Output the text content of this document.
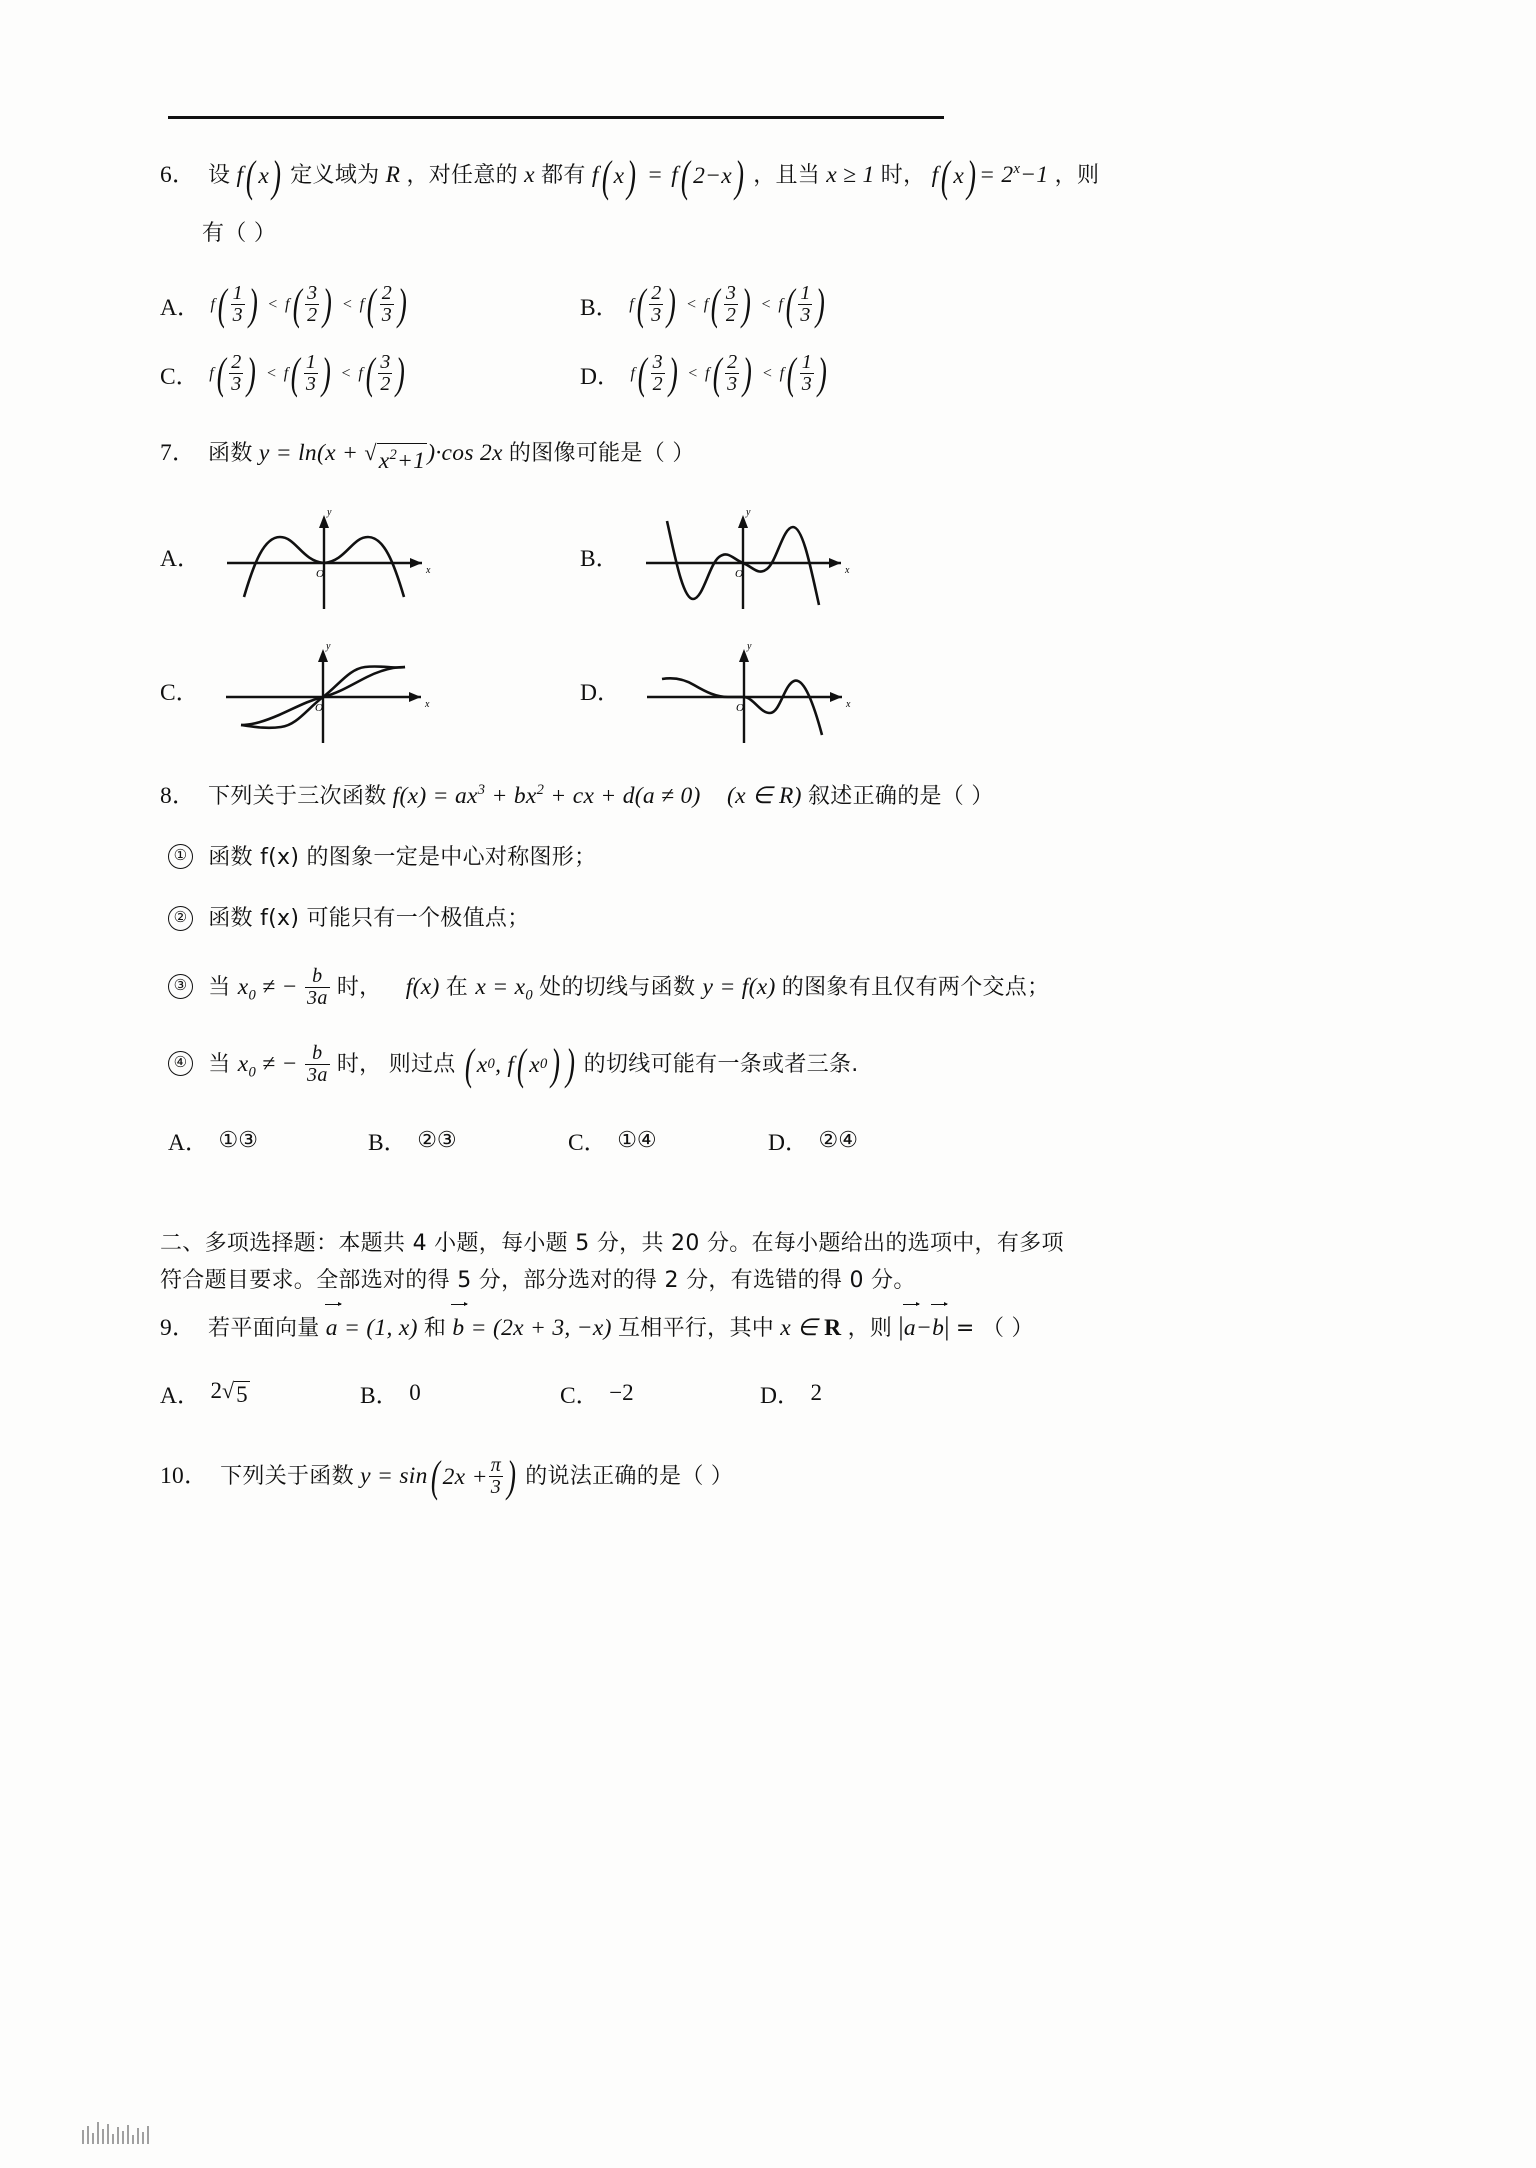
6． 设 f ( x ) 定义域为 R ，对任意的 x 都有 f ( x ) = f ( 2−x ) ，且当 x ≥ 1 时， f ( x ) = $2^x-1$ ，则
有（ ）
A． f ( $\frac{1}{3}$ ) < f ( $\frac{3}{2}$ ) < f ( $\frac{2}{3}$ )	B． f ( $\frac{2}{3}$ ) < f ( $\frac{3}{2}$ ) < f ( $\frac{1}{3}$ )
C． f ( $\frac{2}{3}$ ) < f ( $\frac{1}{3}$ ) < f ( $\frac{3}{2}$ )	D． f ( $\frac{3}{2}$ ) < f ( $\frac{2}{3}$ ) < f ( $\frac{1}{3}$ )
7． 函数 y = ln(x + √ $x^2+1$ )·cos 2x 的图像可能是（ ）
A．
O
y
x	B．
O
y
x
C．
O
y
x	D．
O
y
x
8． 下列关于三次函数 $f(x) = ax^3 + bx^2$ + cx + d(a ≠ 0) (x ∈ R) 叙述正确的是（ ）
① 函数 f(x) 的图象一定是中心对称图形；
② 函数 f(x) 可能只有一个极值点；
③ 当 $x_0$ ≠ − $\frac{b}{3a}$ 时， f(x) 在 $x = x_0$ 处的切线与函数 y = f(x) 的图象有且仅有两个交点；
④ 当 $x_0$ ≠ − $\frac{b}{3a}$ 时， 则过点 ( x 0 , f ( x 0 ) ) 的切线可能有一条或者三条.
A． ①③	B． ②③	C． ①④	D． ②④
二、多项选择题：本题共 4 小题，每小题 5 分，共 20 分。在每小题给出的选项中，有多项
符合题目要求。全部选对的得 5 分，部分选对的得 2 分，有选错的得 0 分。
9． 若平面向量 a = (1, x) 和 b = (2x + 3, −x) 互相平行，其中 x ∈ R ，则 |a−b| = （ ）
A． 2 √ 5	B． 0	C． −2	D． 2
10． 下列关于函数 y = sin ( $2x + \frac{\pi}{3}$ ) 的说法正确的是（ ）
